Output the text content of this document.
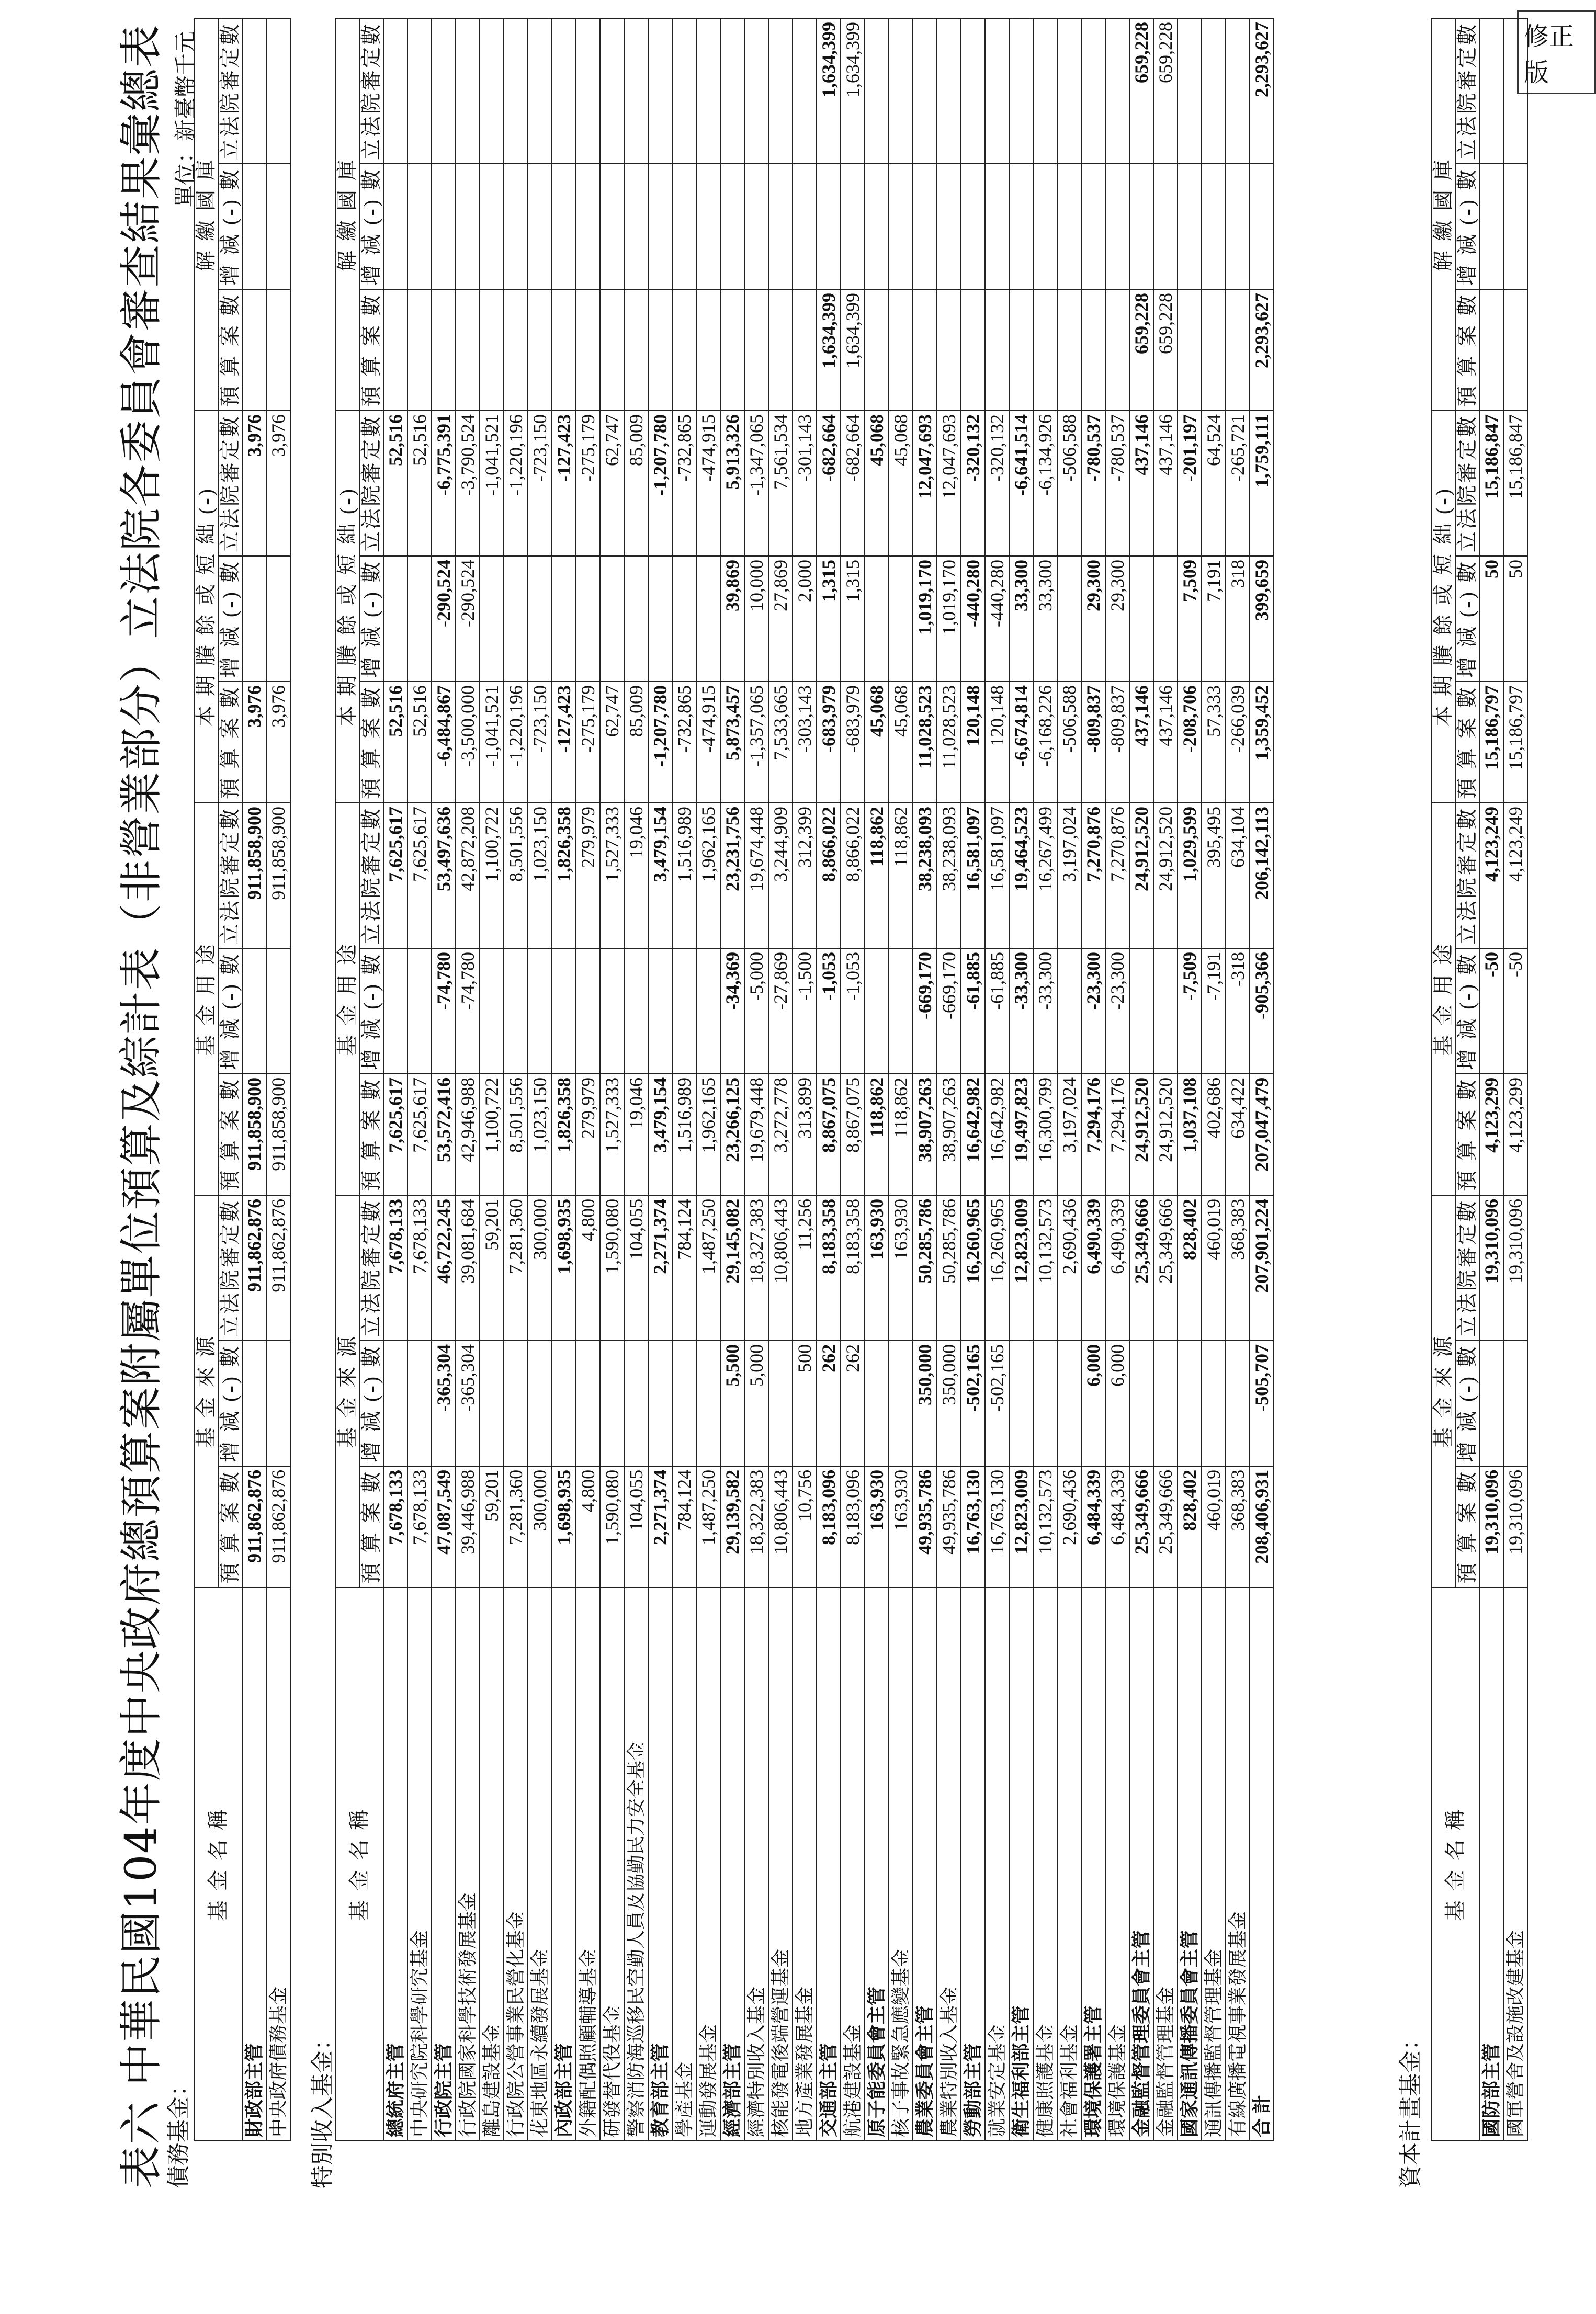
修正版
表六 中華民國104年度中央政府總預算案附屬單位預算及綜計表（非營業部分）立法院各委員會審查結果彙總表 單位：新臺幣千元
債務基金：
基 金 名 稱	基 金 來 源			基 金 用 途			本 期 賸 餘 或 短 絀 (-)			解 繳 國 庫		
	預 算 案 數	增 減 (-) 數	立法院審定數	預 算 案 數	增 減 (-) 數	立法院審定數	預 算 案 數	增 減 (-) 數	立法院審定數	預 算 案 數	增 減 (-) 數	立法院審定數
財政部主管	911,862,876		911,862,876	911,858,900		911,858,900	3,976		3,976			
中央政府債務基金	911,862,876		911,862,876	911,858,900		911,858,900	3,976		3,976			
特別收入基金：
基 金 名 稱	基 金 來 源			基 金 用 途			本 期 賸 餘 或 短 絀 (-)			解 繳 國 庫		
	預 算 案 數	增 減 (-) 數	立法院審定數	預 算 案 數	增 減 (-) 數	立法院審定數	預 算 案 數	增 減 (-) 數	立法院審定數	預 算 案 數	增 減 (-) 數	立法院審定數
總統府主管	7,678,133		7,678,133	7,625,617		7,625,617	52,516		52,516			
中央研究院科學研究基金	7,678,133		7,678,133	7,625,617		7,625,617	52,516		52,516			
行政院主管	47,087,549	-365,304	46,722,245	53,572,416	-74,780	53,497,636	-6,484,867	-290,524	-6,775,391			
行政院國家科學技術發展基金	39,446,988	-365,304	39,081,684	42,946,988	-74,780	42,872,208	-3,500,000	-290,524	-3,790,524			
離島建設基金	59,201		59,201	1,100,722		1,100,722	-1,041,521		-1,041,521			
行政院公營事業民營化基金	7,281,360		7,281,360	8,501,556		8,501,556	-1,220,196		-1,220,196			
花東地區永續發展基金	300,000		300,000	1,023,150		1,023,150	-723,150		-723,150			
內政部主管	1,698,935		1,698,935	1,826,358		1,826,358	-127,423		-127,423			
外籍配偶照顧輔導基金	4,800		4,800	279,979		279,979	-275,179		-275,179			
研發替代役基金	1,590,080		1,590,080	1,527,333		1,527,333	62,747		62,747			
警察消防海巡移民空勤人員及協勤民力安全基金	104,055		104,055	19,046		19,046	85,009		85,009			
教育部主管	2,271,374		2,271,374	3,479,154		3,479,154	-1,207,780		-1,207,780			
學產基金	784,124		784,124	1,516,989		1,516,989	-732,865		-732,865			
運動發展基金	1,487,250		1,487,250	1,962,165		1,962,165	-474,915		-474,915			
經濟部主管	29,139,582	5,500	29,145,082	23,266,125	-34,369	23,231,756	5,873,457	39,869	5,913,326			
經濟特別收入基金	18,322,383	5,000	18,327,383	19,679,448	-5,000	19,674,448	-1,357,065	10,000	-1,347,065			
核能發電後端營運基金	10,806,443		10,806,443	3,272,778	-27,869	3,244,909	7,533,665	27,869	7,561,534			
地方產業發展基金	10,756	500	11,256	313,899	-1,500	312,399	-303,143	2,000	-301,143			
交通部主管	8,183,096	262	8,183,358	8,867,075	-1,053	8,866,022	-683,979	1,315	-682,664	1,634,399		1,634,399
航港建設基金	8,183,096	262	8,183,358	8,867,075	-1,053	8,866,022	-683,979	1,315	-682,664	1,634,399		1,634,399
原子能委員會主管	163,930		163,930	118,862		118,862	45,068		45,068			
核子事故緊急應變基金	163,930		163,930	118,862		118,862	45,068		45,068			
農業委員會主管	49,935,786	350,000	50,285,786	38,907,263	-669,170	38,238,093	11,028,523	1,019,170	12,047,693			
農業特別收入基金	49,935,786	350,000	50,285,786	38,907,263	-669,170	38,238,093	11,028,523	1,019,170	12,047,693			
勞動部主管	16,763,130	-502,165	16,260,965	16,642,982	-61,885	16,581,097	120,148	-440,280	-320,132			
就業安定基金	16,763,130	-502,165	16,260,965	16,642,982	-61,885	16,581,097	120,148	-440,280	-320,132			
衛生福利部主管	12,823,009		12,823,009	19,497,823	-33,300	19,464,523	-6,674,814	33,300	-6,641,514			
健康照護基金	10,132,573		10,132,573	16,300,799	-33,300	16,267,499	-6,168,226	33,300	-6,134,926			
社會福利基金	2,690,436		2,690,436	3,197,024		3,197,024	-506,588		-506,588			
環境保護署主管	6,484,339	6,000	6,490,339	7,294,176	-23,300	7,270,876	-809,837	29,300	-780,537			
環境保護基金	6,484,339	6,000	6,490,339	7,294,176	-23,300	7,270,876	-809,837	29,300	-780,537			
金融監督管理委員會主管	25,349,666		25,349,666	24,912,520		24,912,520	437,146		437,146	659,228		659,228
金融監督管理基金	25,349,666		25,349,666	24,912,520		24,912,520	437,146		437,146	659,228		659,228
國家通訊傳播委員會主管	828,402		828,402	1,037,108	-7,509	1,029,599	-208,706	7,509	-201,197			
通訊傳播監督管理基金	460,019		460,019	402,686	-7,191	395,495	57,333	7,191	64,524			
有線廣播電視事業發展基金	368,383		368,383	634,422	-318	634,104	-266,039	318	-265,721			
合 計	208,406,931	-505,707	207,901,224	207,047,479	-905,366	206,142,113	1,359,452	399,659	1,759,111	2,293,627		2,293,627
資本計畫基金：
基 金 名 稱	基 金 來 源			基 金 用 途			本 期 賸 餘 或 短 絀 (-)			解 繳 國 庫		
	預 算 案 數	增 減 (-) 數	立法院審定數	預 算 案 數	增 減 (-) 數	立法院審定數	預 算 案 數	增 減 (-) 數	立法院審定數	預 算 案 數	增 減 (-) 數	立法院審定數
國防部主管	19,310,096		19,310,096	4,123,299	-50	4,123,249	15,186,797	50	15,186,847			
國軍營舍及設施改建基金	19,310,096		19,310,096	4,123,299	-50	4,123,249	15,186,797	50	15,186,847			
